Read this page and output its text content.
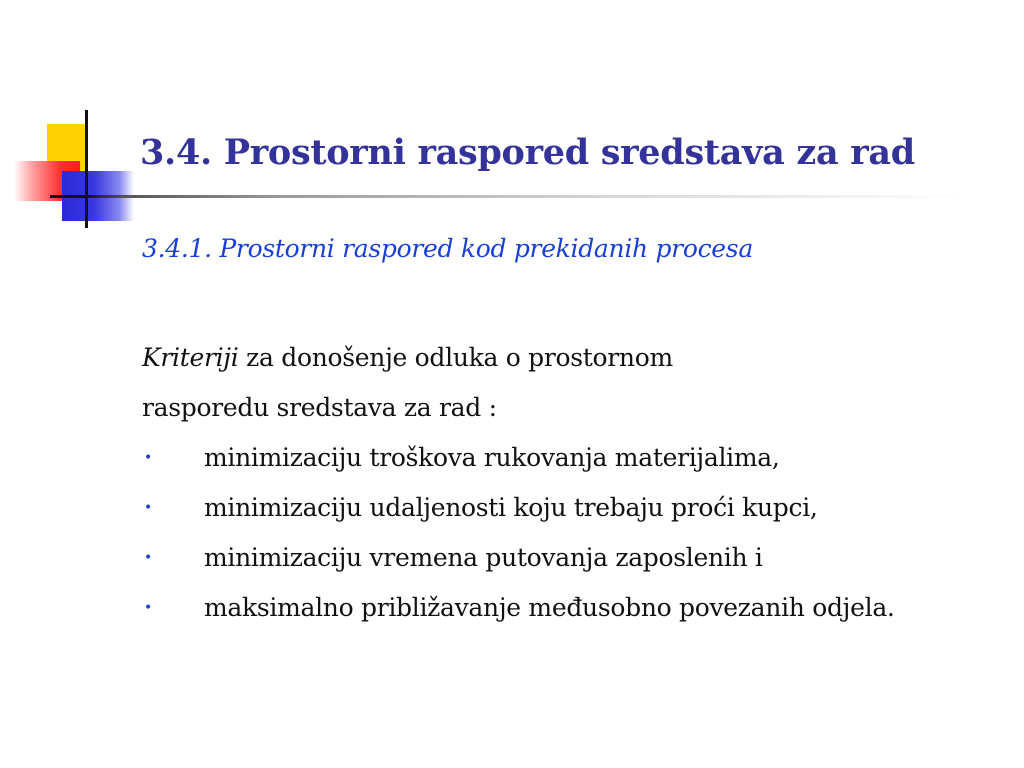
3.4. Prostorni raspored sredstava za rad
3.4.1. Prostorni raspored kod prekidanih procesa
Kriteriji za donošenje odluka o prostornom
rasporedu sredstava za rad :
• minimizaciju troškova rukovanja materijalima,
• minimizaciju udaljenosti koju trebaju proći kupci,
• minimizaciju vremena putovanja zaposlenih i
• maksimalno približavanje međusobno povezanih odjela.
